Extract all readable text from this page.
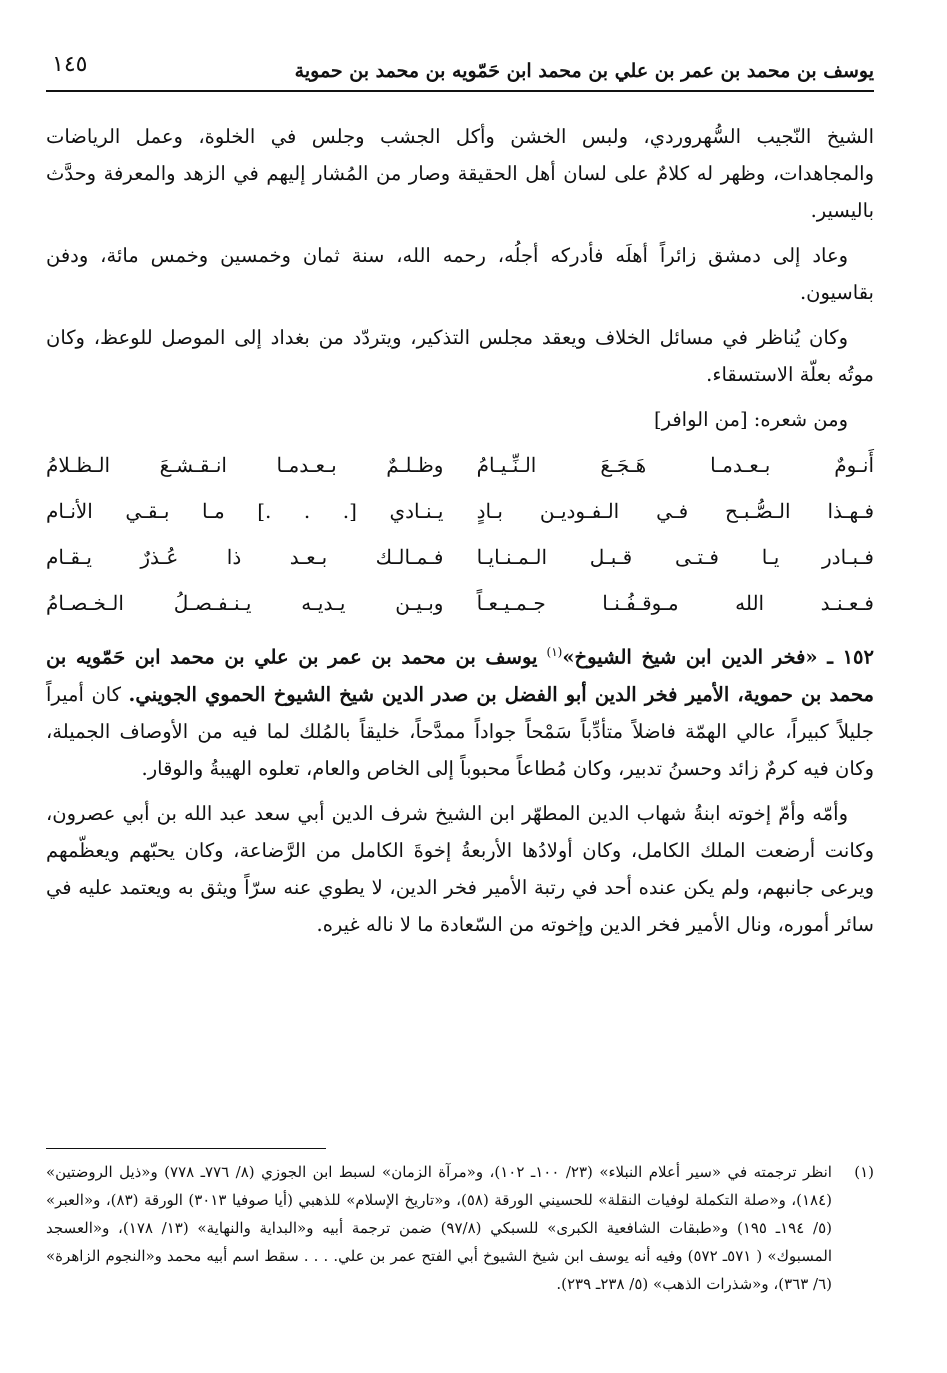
يوسف بن محمد بن عمر بن علي بن محمد ابن حَمّويه بن محمد بن حموية
١٤٥

الشيخ النّجيب السُّهروردي، ولبس الخشن وأكل الجشب وجلس في الخلوة، وعمل الرياضات والمجاهدات، وظهر له كلامٌ على لسان أهل الحقيقة وصار من المُشار إليهم في الزهد والمعرفة وحدَّث باليسير.

وعاد إلى دمشق زائراً أهلَه فأدركه أجلُه، رحمه الله، سنة ثمان وخمسين وخمس مائة، ودفن بقاسيون.

وكان يُناظر في مسائل الخلاف ويعقد مجلس التذكير، ويتردّد من بغداد إلى الموصل للوعظ، وكان موتُه بعلّة الاستسقاء.

ومن شعره: [من الوافر]

أَنـومٌ بـعـدمـا هَـجَـعَ الـنِّـيـامُ
وظـلـمٌ بـعـدمـا انـقـشـعَ الـظـلامُ
فـهـذا الـصُّـبـح فـي الـفـوديـن بـادٍ
يـنـادي [. . .] مـا بـقـي الأنـام
فـبـادر يـا فـتـى قـبـل الـمـنـايـا
فـمـالـك بـعـد ذا عُـذرٌ يـقـام
فـعـنـد الله مـوقـفُـنـا جـمـيـعـاً
وبـيـن يـديـه يـنـفـصـلُ الـخـصـامُ

١٥٢ ـ «فخر الدين ابن شيخ الشيوخ»$^{(١)}$ يوسف بن محمد بن عمر بن علي بن محمد ابن حَمّويه بن محمد بن حموية، الأمير فخر الدين أبو الفضل بن صدر الدين شيخ الشيوخ الحموي الجويني. كان أميراً جليلاً كبيراً، عالي الهمّة فاضلاً متأدِّباً سَمْحاً جواداً ممدَّحاً، خليقاً بالمُلك لما فيه من الأوصاف الجميلة، وكان فيه كرمٌ زائد وحسنُ تدبير، وكان مُطاعاً محبوباً إلى الخاص والعام، تعلوه الهيبةُ والوقار.

وأمّه وأمّ إخوته ابنةُ شهاب الدين المطهّر ابن الشيخ شرف الدين أبي سعد عبد الله بن أبي عصرون، وكانت أرضعت الملك الكامل، وكان أولادُها الأربعةُ إخوةَ الكامل من الرَّضاعة، وكان يحبّهم ويعظّمهم ويرعى جانبهم، ولم يكن عنده أحد في رتبة الأمير فخر الدين، لا يطوي عنه سرّاً ويثق به ويعتمد عليه في سائر أموره، ونال الأمير فخر الدين وإخوته من السّعادة ما لا ناله غيره.

(١)
انظر ترجمته في «سير أعلام النبلاء» (٢٣/ ١٠٠ـ ١٠٢)، و«مرآة الزمان» لسبط ابن الجوزي (٨/ ٧٧٦ـ ٧٧٨) و«ذيل الروضتين» (١٨٤)، و«صلة التكملة لوفيات النقلة» للحسيني الورقة (٥٨)، و«تاريخ الإسلام» للذهبي (أيا صوفيا ٣٠١٣) الورقة (٨٣)، و«العبر» (٥/ ١٩٤ـ ١٩٥) و«طبقات الشافعية الكبرى» للسبكي (٩٧/٨) ضمن ترجمة أبيه و«البداية والنهاية» (١٣/ ١٧٨)، و«العسجد المسبوك» ( ٥٧١ـ ٥٧٢) وفيه أنه يوسف ابن شيخ الشيوخ أبي الفتح عمر بن علي. . . . سقط اسم أبيه محمد و«النجوم الزاهرة» (٦/ ٣٦٣)، و«شذرات الذهب» (٥/ ٢٣٨ـ ٢٣٩).
